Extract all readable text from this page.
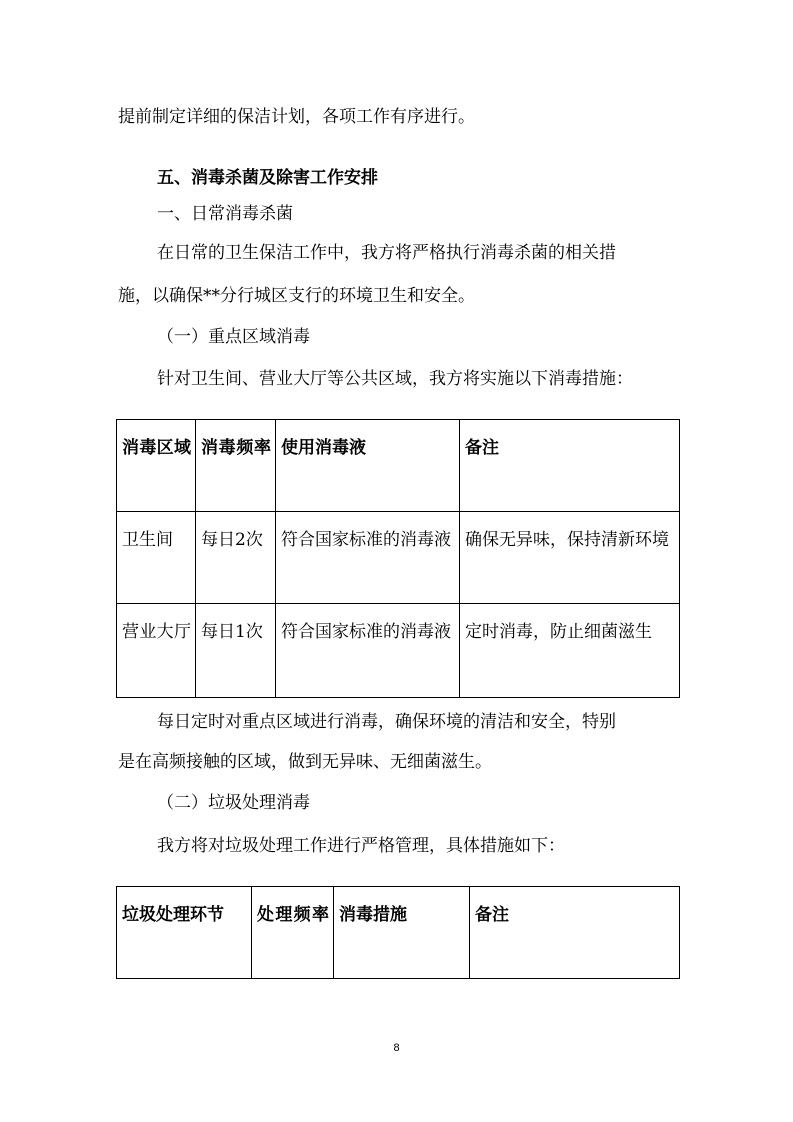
提前制定详细的保洁计划，各项工作有序进行。
五、消毒杀菌及除害工作安排
一、日常消毒杀菌
在日常的卫生保洁工作中，我方将严格执行消毒杀菌的相关措
施，以确保**分行城区支行的环境卫生和安全。
（一）重点区域消毒
针对卫生间、营业大厅等公共区域，我方将实施以下消毒措施：
消毒区域	消毒频率	使用消毒液	备注
卫生间	每日2次	符合国家标准的消毒液	确保无异味，保持清新环境
营业大厅	每日1次	符合国家标准的消毒液	定时消毒，防止细菌滋生
每日定时对重点区域进行消毒，确保环境的清洁和安全，特别
是在高频接触的区域，做到无异味、无细菌滋生。
（二）垃圾处理消毒
我方将对垃圾处理工作进行严格管理，具体措施如下：
垃圾处理环节	处理频率	消毒措施	备注
8
